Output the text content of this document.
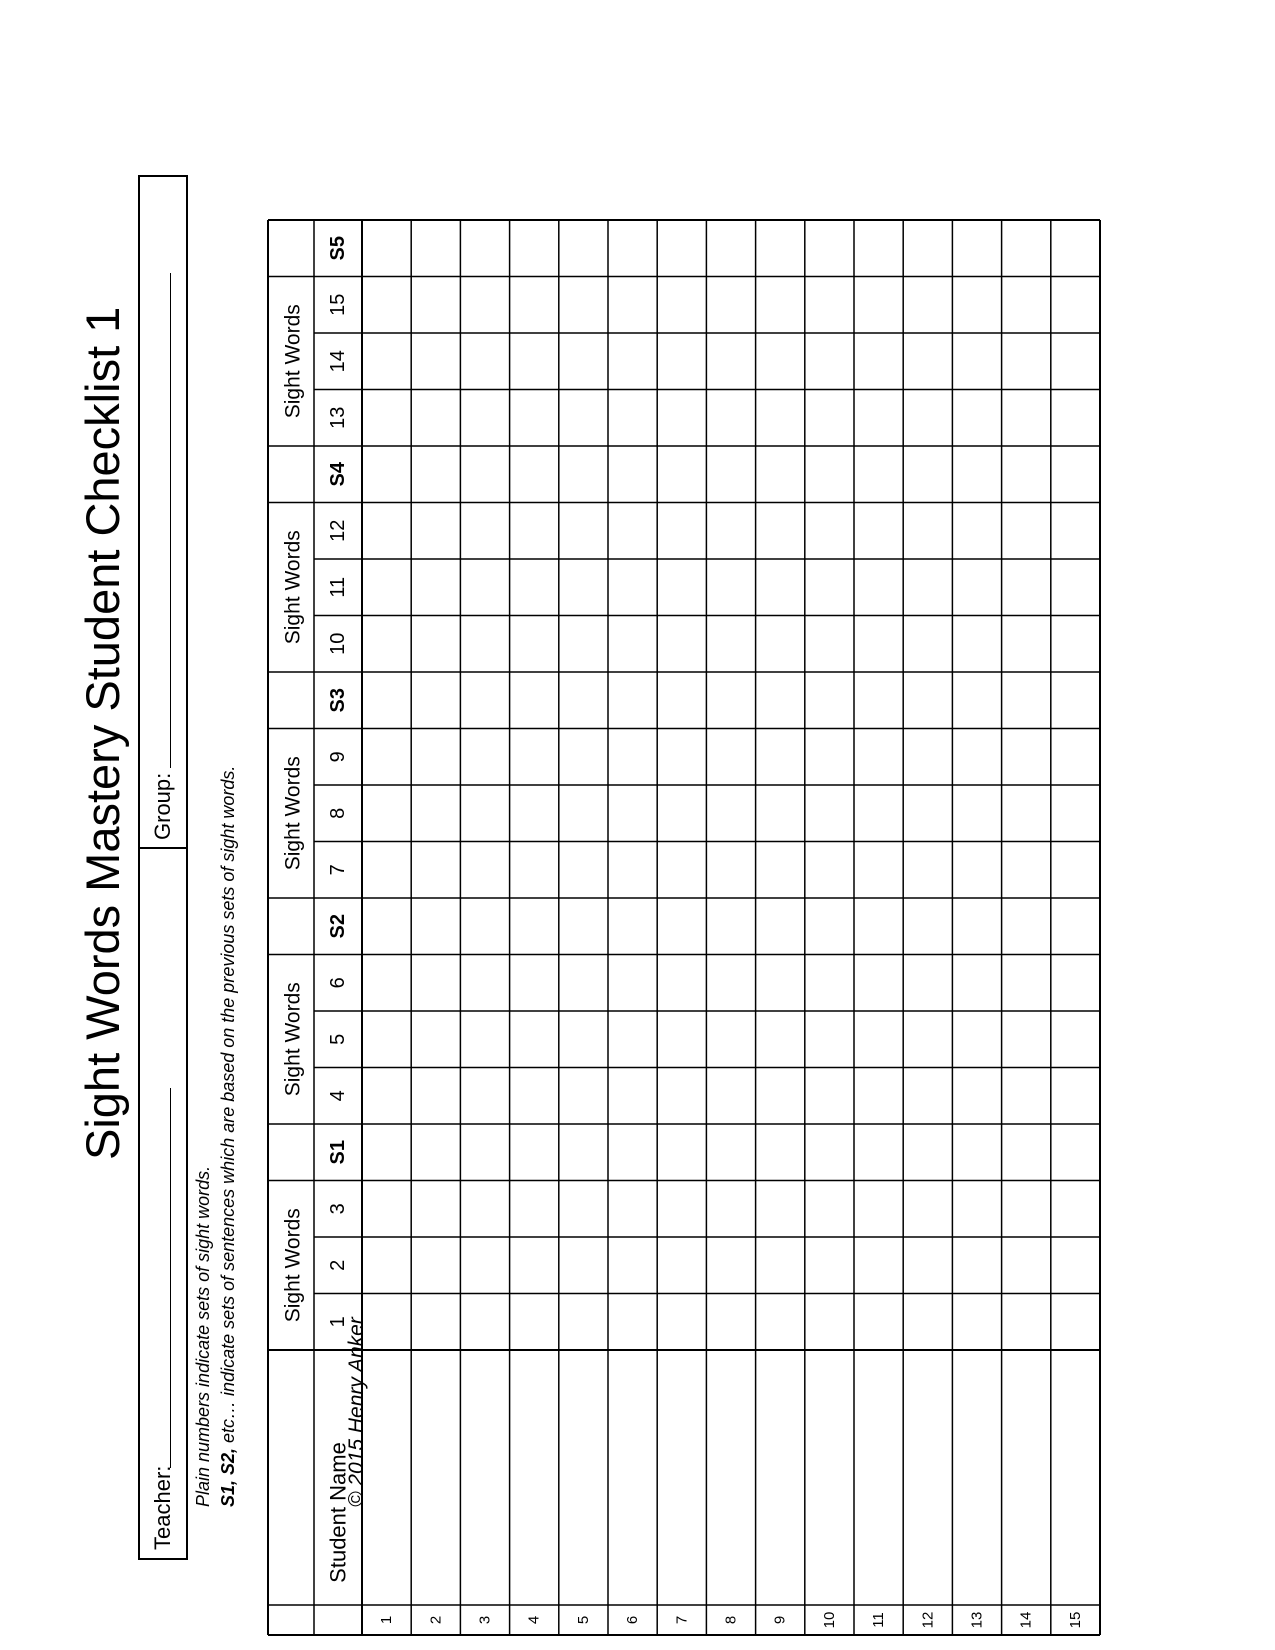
Sight Words Mastery Student Checklist 1
Teacher:
Group:
Plain numbers indicate sets of sight words. S1, S2, etc… indicate sets of sentences which are based on the previous sets of sight words.
Student Name
Sight Words
Sight Words
Sight Words
Sight Words
Sight Words
1
2
3
S1
4
5
6
S2
7
8
9
S3
10
11
12
S4
13
14
15
S5
1 2 3 4 5 6 7 8 9 10 11 12 13 14 15
© 2015 Henry Anker
